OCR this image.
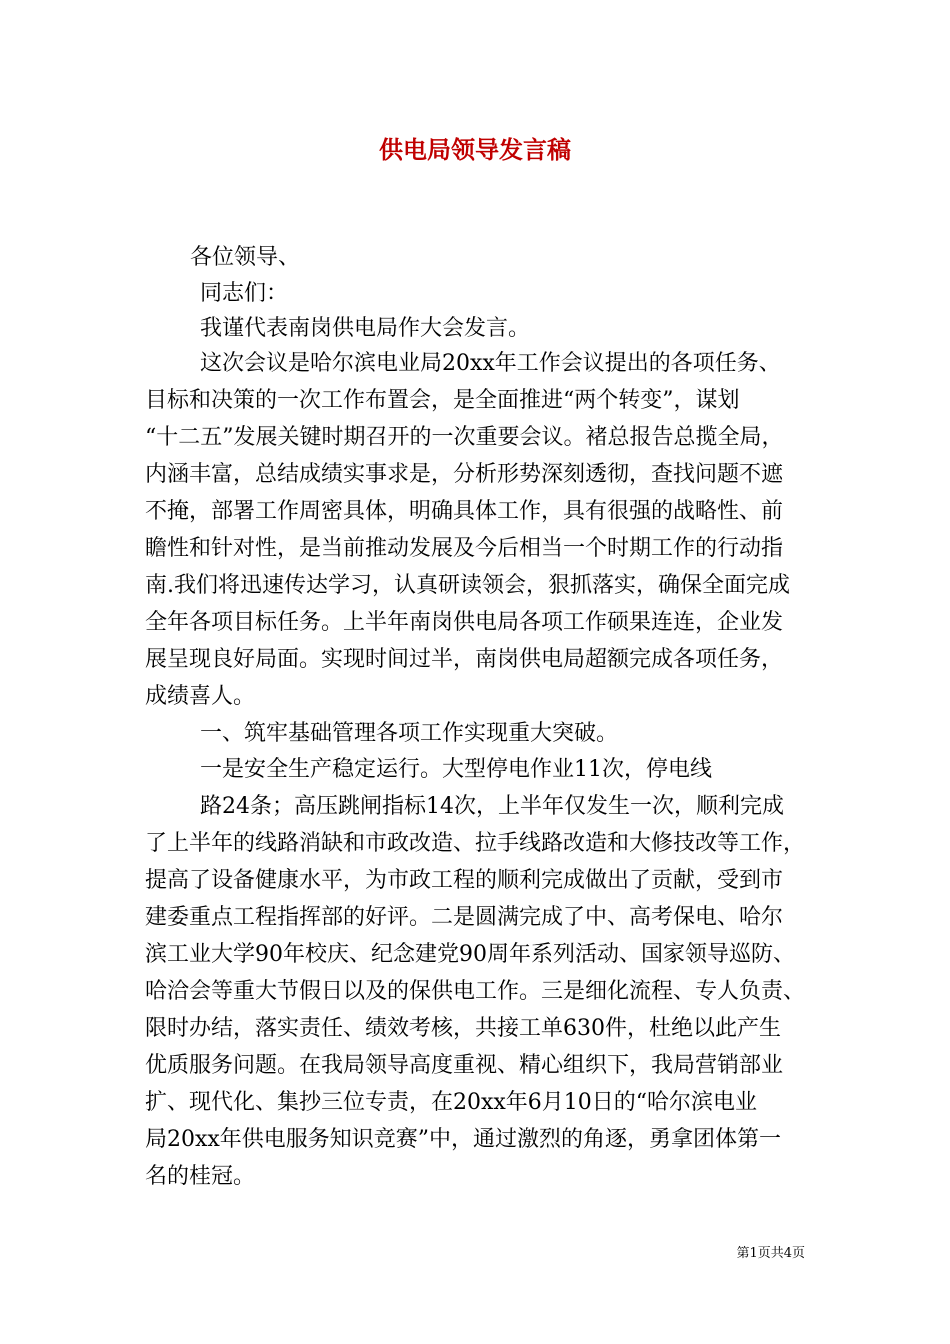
供电局领导发言稿

各位领导、

同志们：

我谨代表南岗供电局作大会发言。

这次会议是哈尔滨电业局20xx年工作会议提出的各项任务、

目标和决策的一次工作布置会，是全面推进“两个转变”，谋划

“十二五”发展关键时期召开的一次重要会议。褚总报告总揽全局，

内涵丰富，总结成绩实事求是，分析形势深刻透彻，查找问题不遮

不掩，部署工作周密具体，明确具体工作，具有很强的战略性、前

瞻性和针对性，是当前推动发展及今后相当一个时期工作的行动指

南.我们将迅速传达学习，认真研读领会，狠抓落实，确保全面完成

全年各项目标任务。上半年南岗供电局各项工作硕果连连，企业发

展呈现良好局面。实现时间过半，南岗供电局超额完成各项任务，

成绩喜人。

一、筑牢基础管理各项工作实现重大突破。

一是安全生产稳定运行。大型停电作业11次，停电线

路24条；高压跳闸指标14次，上半年仅发生一次，顺利完成

了上半年的线路消缺和市政改造、拉手线路改造和大修技改等工作，

提高了设备健康水平，为市政工程的顺利完成做出了贡献，受到市

建委重点工程指挥部的好评。二是圆满完成了中、高考保电、哈尔

滨工业大学90年校庆、纪念建党90周年系列活动、国家领导巡防、

哈洽会等重大节假日以及的保供电工作。三是细化流程、专人负责、

限时办结，落实责任、绩效考核，共接工单630件，杜绝以此产生

优质服务问题。在我局领导高度重视、精心组织下，我局营销部业

扩、现代化、集抄三位专责，在20xx年6月10日的“哈尔滨电业

局20xx年供电服务知识竞赛”中，通过激烈的角逐，勇拿团体第一

名的桂冠。

第1页共4页
